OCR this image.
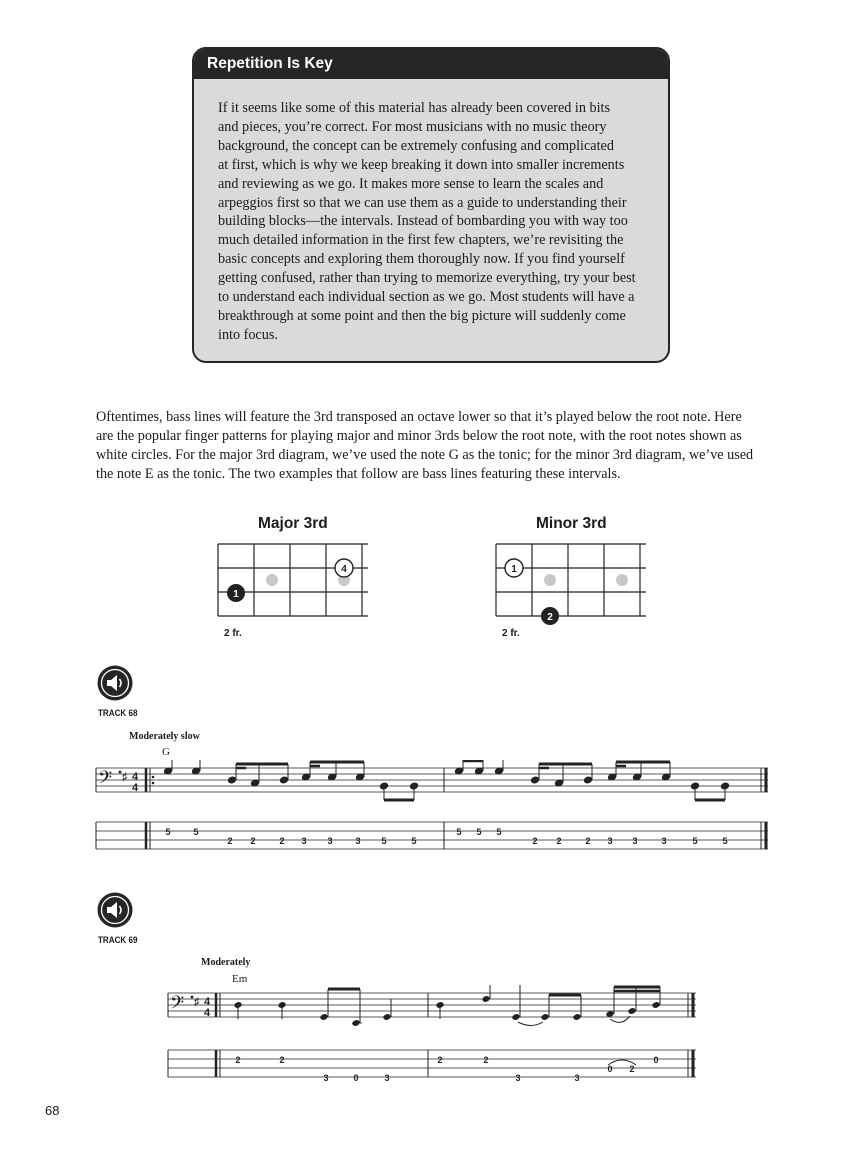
Repetition Is Key
If it seems like some of this material has already been covered in bits
and pieces, you’re correct. For most musicians with no music theory
background, the concept can be extremely confusing and complicated
at first, which is why we keep breaking it down into smaller increments
and reviewing as we go. It makes more sense to learn the scales and
arpeggios first so that we can use them as a guide to understanding their
building blocks—the intervals. Instead of bombarding you with way too
much detailed information in the first few chapters, we’re revisiting the
basic concepts and exploring them thoroughly now. If you find yourself
getting confused, rather than trying to memorize everything, try your best
to understand each individual section as we go. Most students will have a
breakthrough at some point and then the big picture will suddenly come
into focus.
Oftentimes, bass lines will feature the 3rd transposed an octave lower so that it’s played below the root note. Here
are the popular finger patterns for playing major and minor 3rds below the root note, with the root notes shown as
white circles. For the major 3rd diagram, we’ve used the note G as the tonic; for the minor 3rd diagram, we’ve used
the note E as the tonic. The two examples that follow are bass lines featuring these intervals.
Major 3rd
4
1
2 fr.
Minor 3rd
1
2
2 fr.
TRACK 68
Moderately slow
G
𝄢 ♯ 4
4
5	5
2 2	2 3 3	3 5	5
5 5 5
2 2	2 3 3	3	5	5
TRACK 69
Moderately
Em
𝄢 ♯ 4
4
2	2
3	0	3
2	2
3	3
0 2
0
68
